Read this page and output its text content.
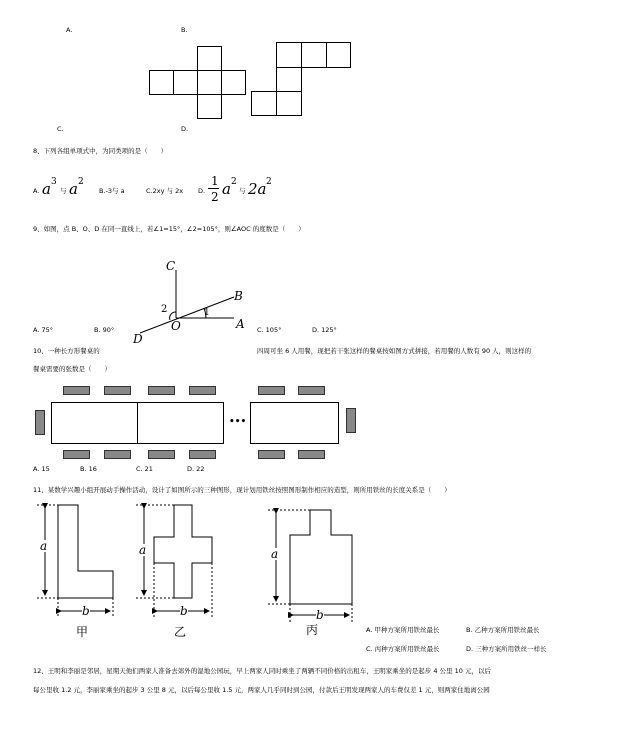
A.	B.
C.	D.
8、下列各组单项式中，为同类项的是（　　）
A. a 3
与 a 2
B.-3与 a	C.2xy 与 2x D.
1
2 a 2
与 2a 2
9、如图，点 B、O、D 在同一直线上，若∠1=15°，∠2=105°，则∠AOC 的度数是（　　）
C
B
A
O
D
1
2
A. 75°	B. 90°	C. 105°	D. 125°
10、一种长方形餐桌的	四周可坐 6 人用餐，现把若干张这样的餐桌按如图方式拼接，若用餐的人数有 90 人，则这样的
餐桌需要的张数是（　　）
•••
A. 15	B. 16	C. 21	D. 22
11、某数学兴趣小组开展动手操作活动，设计了如图所示的三种图形，现计划用铁丝按照图形制作相应的造型，则所用铁丝的长度关系是（　　）
a
b
甲
a
b
乙
a
b
丙	A. 甲种方案所用铁丝最长	B. 乙种方案所用铁丝最长
C. 丙种方案所用铁丝最长	D. 三种方案所用铁丝一样长
12、王明和李丽是邻居，星期天他们两家人准备去郊外的湿地公园玩，早上两家人同时乘坐了两辆不同价格的出租车，王明家乘坐的是起步 4 公里 10 元，以后
每公里收 1.2 元，李丽家乘坐的起步 3 公里 8 元，以后每公里收 1.5 元，两家人几乎同时到公园，付款后王明发现两家人的车费仅差 1 元，则两家住地离公园
